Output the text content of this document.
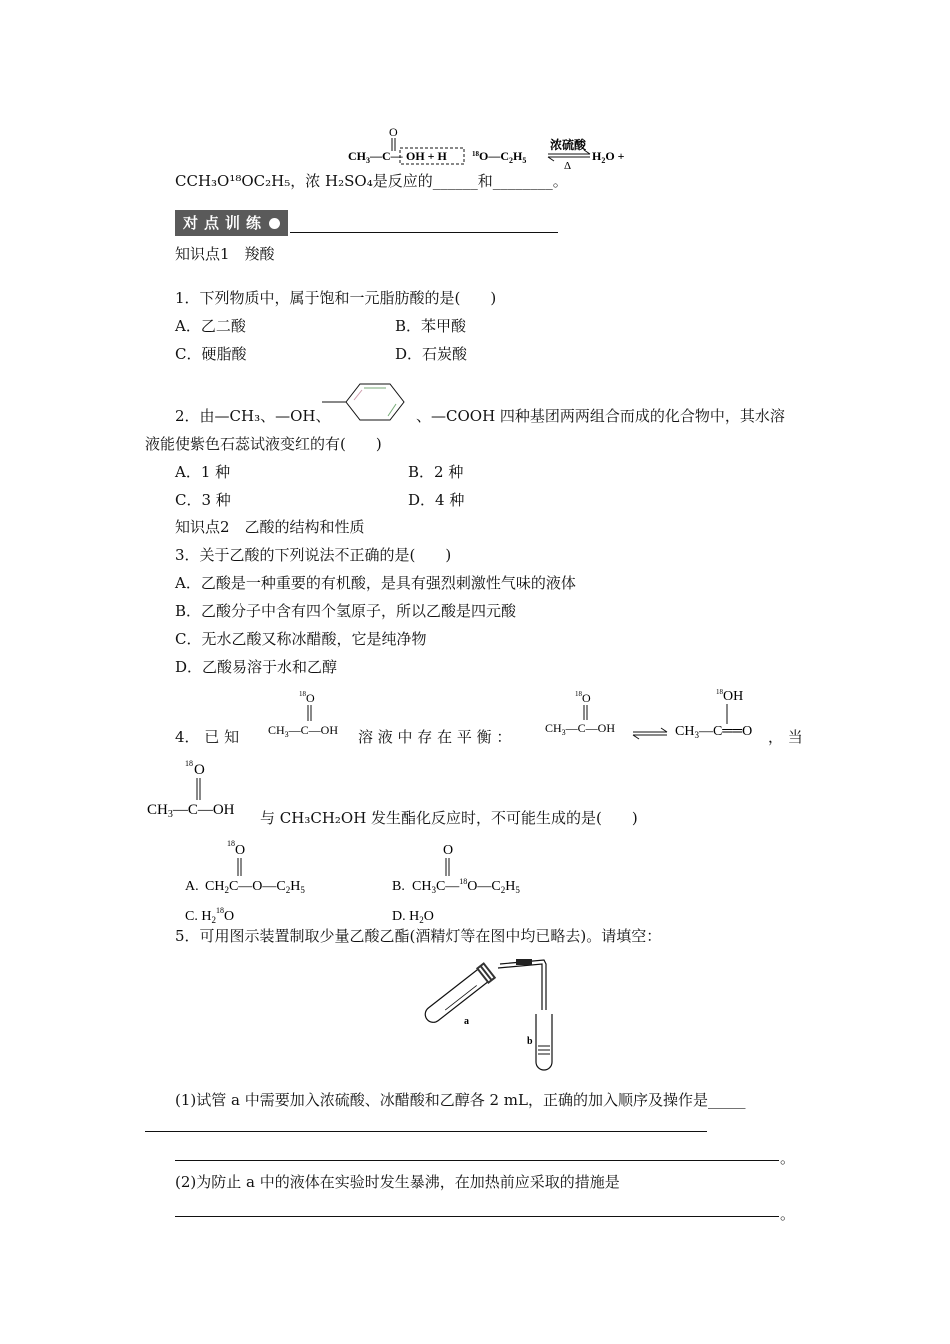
O
$CH_3—C—$ OH + H	$^{18}O—C_2H_5$
浓硫酸
Δ
$H_2O$ +
CCH₃O¹⁸OC₂H₅，浓 H₂SO₄是反应的______和________。
对点训练
知识点1　羧酸
1．下列物质中，属于饱和一元脂肪酸的是(　　)
A．乙二酸	B．苯甲酸
C．硬脂酸	D．石炭酸
2．由—CH₃、—OH、	、—COOH 四种基团两两组合而成的化合物中，其水溶
液能使紫色石蕊试液变红的有(　　)
A．1 种	B．2 种
C．3 种	D．4 种
知识点2　乙酸的结构和性质
3．关于乙酸的下列说法不正确的是(　　)
A．乙酸是一种重要的有机酸，是具有强烈刺激性气味的液体
B．乙酸分子中含有四个氢原子，所以乙酸是四元酸
C．无水乙酸又称冰醋酸，它是纯净物
D．乙酸易溶于水和乙醇
4． 已 知
18 O
$CH_3—C—OH$ 溶 液 中 存 在 平 衡 ：
18 O
$CH_3—C—OH$
18 OH
$CH_3—C══O$ ， 当
18 O
$CH_3—C—OH$ 与 CH₃CH₂OH 发生酯化反应时，不可能生成的是(　　)
A.
18 O
$CH_2C—O—C_2H_5$	B.
O
$CH_3C—^{18}O—C_2H_5$
C. $H_2^{18}O$	D. $H_2O$
5．可用图示装置制取少量乙酸乙酯(酒精灯等在图中均已略去)。请填空：
a
b
(1)试管 a 中需要加入浓硫酸、冰醋酸和乙醇各 2 mL，正确的加入顺序及操作是_____
。
(2)为防止 a 中的液体在实验时发生暴沸，在加热前应采取的措施是
。
